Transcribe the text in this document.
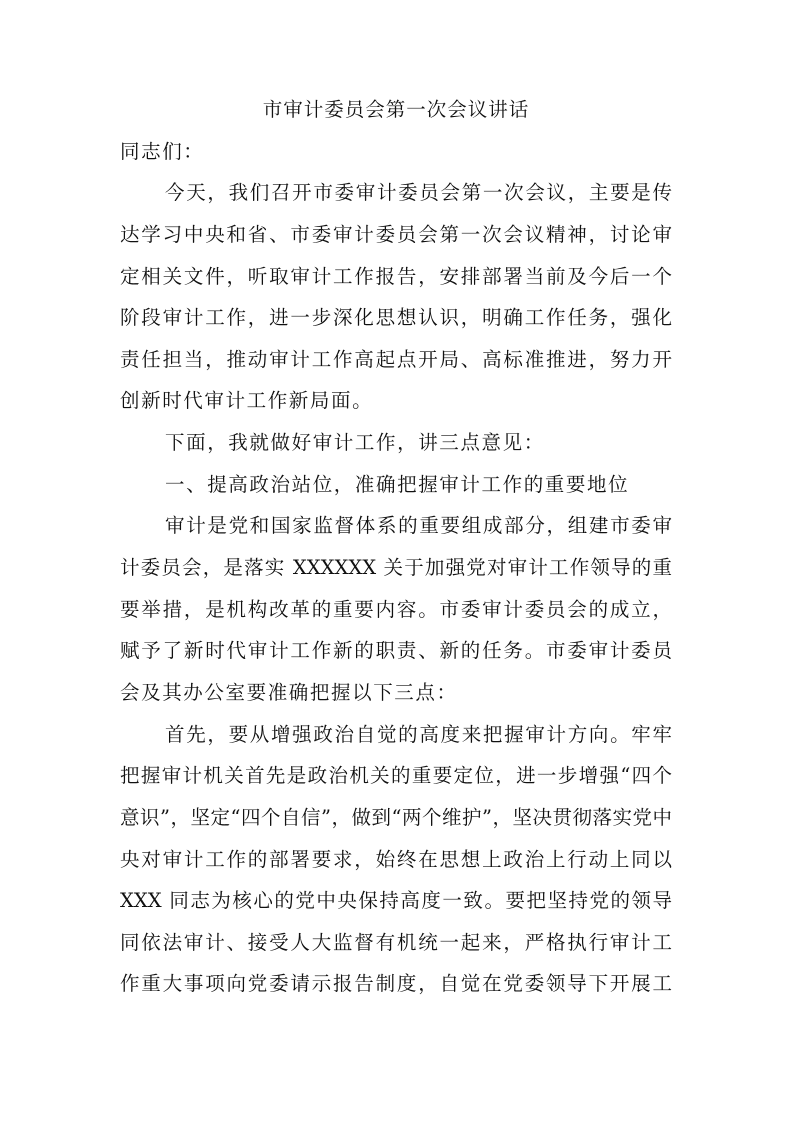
市审计委员会第一次会议讲话
同志们：
今天，我们召开市委审计委员会第一次会议，主要是传
达学习中央和省、市委审计委员会第一次会议精神，讨论审
定相关文件，听取审计工作报告，安排部署当前及今后一个
阶段审计工作，进一步深化思想认识，明确工作任务，强化
责任担当，推动审计工作高起点开局、高标准推进，努力开
创新时代审计工作新局面。
下面，我就做好审计工作，讲三点意见：
一、提高政治站位，准确把握审计工作的重要地位
审计是党和国家监督体系的重要组成部分，组建市委审
计委员会，是落实 XXXXXX 关于加强党对审计工作领导的重
要举措，是机构改革的重要内容。市委审计委员会的成立，
赋予了新时代审计工作新的职责、新的任务。市委审计委员
会及其办公室要准确把握以下三点：
首先，要从增强政治自觉的高度来把握审计方向。牢牢
把握审计机关首先是政治机关的重要定位，进一步增强“四个
意识”，坚定“四个自信”，做到“两个维护”，坚决贯彻落实党中
央对审计工作的部署要求，始终在思想上政治上行动上同以
XXX 同志为核心的党中央保持高度一致。要把坚持党的领导
同依法审计、接受人大监督有机统一起来，严格执行审计工
作重大事项向党委请示报告制度，自觉在党委领导下开展工
